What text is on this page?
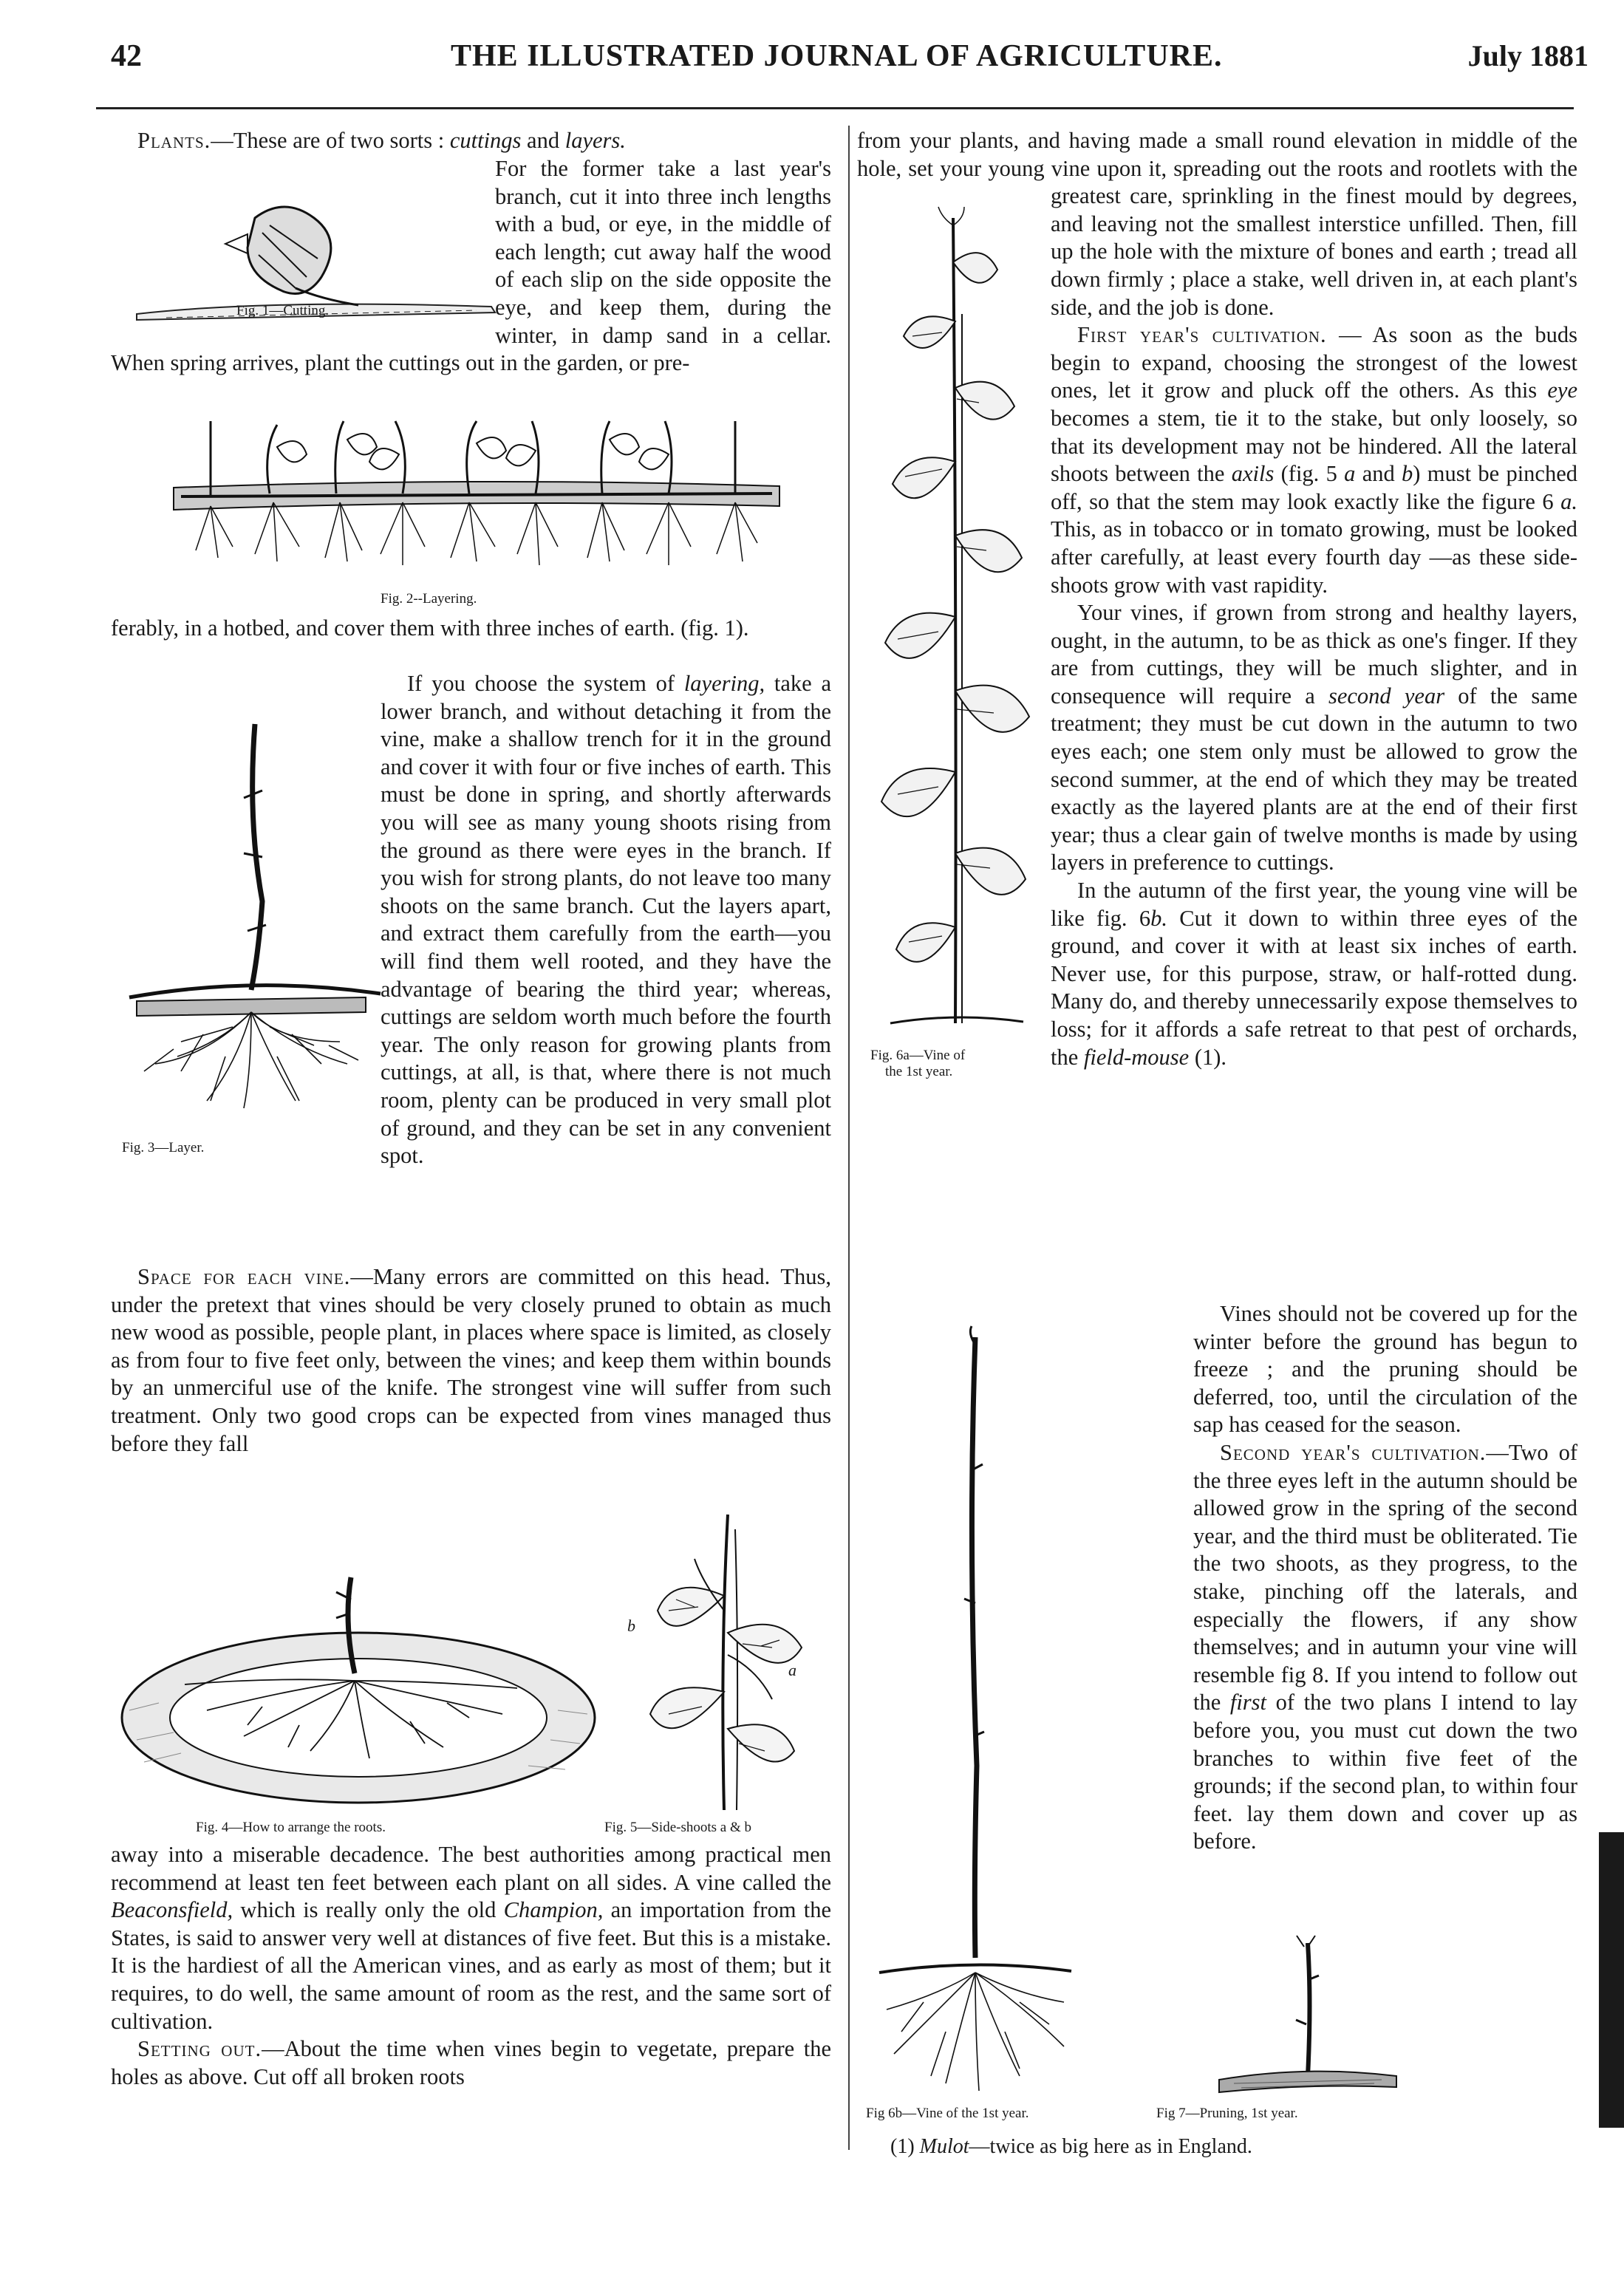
42	THE ILLUSTRATED JOURNAL OF AGRICULTURE.	July 1881

Plants.—These are of two sorts : cuttings and layers.

For the former take a last year's branch, cut it into three inch lengths with a bud, or eye, in the middle of each length; cut away half the wood of each slip on the side opposite the eye, and keep them, during the winter, in damp sand in a cellar. When spring arrives, plant the cuttings out in the garden, or pre-
Fig. 1—Cutting.
Fig. 2--Layering.

ferably, in a hotbed, and cover them with three inches of earth. (fig. 1).

If you choose the system of layering, take a lower branch, and without detaching it from the vine, make a shallow trench for it in the ground and cover it with four or five inches of earth. This must be done in spring, and shortly afterwards you will see as many young shoots rising from the ground as there were eyes in the branch. If you wish for strong plants, do not leave too many shoots on the same branch. Cut the layers apart, and extract them carefully from the earth—you will find them well rooted, and they have the advantage of bearing the third year; whereas, cuttings are seldom worth much before the fourth year. The only reason for growing plants from cuttings, at all, is that, where there is not much room, plenty can be produced in very small plot of ground, and they can be set in any convenient spot.

Fig. 3—Layer.

Space for each vine.—Many errors are committed on this head. Thus, under the pretext that vines should be very closely pruned to obtain as much new wood as possible, people plant, in places where space is limited, as closely as from four to five feet only, between the vines; and keep them within bounds by an unmerciful use of the knife. The strongest vine will suffer from such treatment. Only two good crops can be expected from vines managed thus before they fall

Fig. 4—How to arrange the roots.
b
a
Fig. 5—Side-shoots a & b

away into a miserable decadence. The best authorities among practical men recommend at least ten feet between each plant on all sides. A vine called the Beaconsfield, which is really only the old Champion, an importation from the States, is said to answer very well at distances of five feet. But this is a mistake. It is the hardiest of all the American vines, and as early as most of them; but it requires, to do well, the same amount of room as the rest, and the same sort of cultivation.

Setting out.—About the time when vines begin to vegetate, prepare the holes as above. Cut off all broken roots

from your plants, and having made a small round elevation in middle of the hole, set your young vine upon it, spreading out the roots and rootlets with the greatest care, sprinkling in the finest mould by degrees, and leaving not the smallest interstice unfilled. Then, fill up the hole with the mixture of bones and earth ; tread all down firmly ; place a stake, well driven in, at each plant's side, and the job is done.

First year's cultivation. — As soon as the buds begin to expand, choosing the strongest of the lowest ones, let it grow and pluck off the others. As this eye becomes a stem, tie it to the stake, but only loosely, so that its development may not be hindered. All the lateral shoots between the axils (fig. 5 a and b) must be pinched off, so that the stem may look exactly like the figure 6 a. This, as in tobacco or in tomato growing, must be looked after carefully, at least every fourth day —as these side-shoots grow with vast rapidity.

Your vines, if grown from strong and healthy layers, ought, in the autumn, to be as thick as one's finger. If they are from cuttings, they will be much slighter, and in consequence will require a second year of the same treatment; they must be cut down in the autumn to two eyes each; one stem only must be allowed to grow the second summer, at the end of which they may be treated exactly as the layered plants are at the end of their first year; thus a clear gain of twelve months is made by using layers in preference to cuttings.

In the autumn of the first year, the young vine will be like fig. 6b. Cut it down to within three eyes of the ground, and cover it with at least six inches of earth. Never use, for this purpose, straw, or half-rotted dung. Many do, and thereby unnecessarily expose themselves to loss; for it affords a safe retreat to that pest of orchards, the field-mouse (1).

Fig. 6a—Vine of
the 1st year.

Vines should not be covered up for the winter before the ground has begun to freeze ; and the pruning should be deferred, too, until the circulation of the sap has ceased for the season.

Second year's cultivation.—Two of the three eyes left in the autumn should be allowed grow in the spring of the second year, and the third must be obliterated. Tie the two shoots, as they progress, to the stake, pinching off the laterals, and especially the flowers, if any show themselves; and in autumn your vine will resemble fig 8. If you intend to follow out the first of the two plans I intend to lay before you, you must cut down the two branches to within five feet of the grounds; if the second plan, to within four feet. lay them down and cover up as before.

Fig 6b—Vine of the 1st year.	Fig 7—Pruning, 1st year.
(1) Mulot—twice as big here as in England.
